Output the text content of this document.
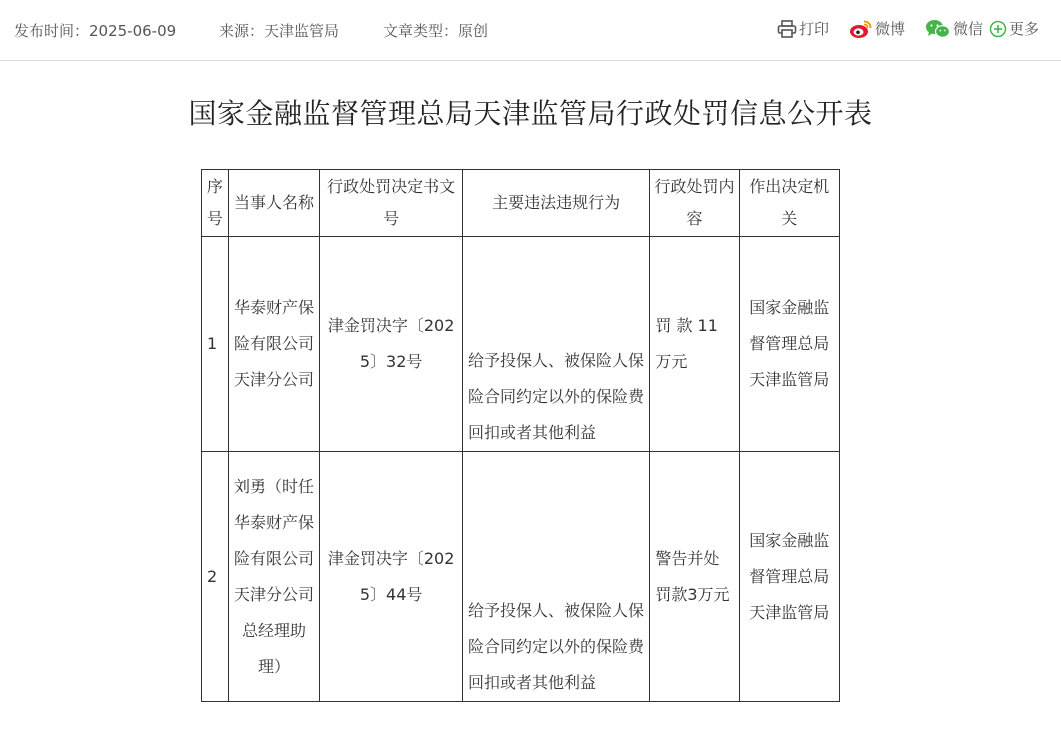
发布时间：2025-06-09	来源：天津监管局	文章类型：原创	打印	微博	微信 更多
国家金融监督管理总局天津监管局行政处罚信息公开表
序号	当事人名称	行政处罚决定书文号	主要违法违规行为	行政处罚内容	作出决定机关
1	华泰财产保险有限公司天津分公司	津金罚决字〔2025〕32号	给予投保人、被保险人保险合同约定以外的保险费回扣或者其他利益	罚 款 11 万元	国家金融监督管理总局天津监管局
2	刘勇（时任华泰财产保险有限公司天津分公司总经理助理）	津金罚决字〔2025〕44号	给予投保人、被保险人保险合同约定以外的保险费回扣或者其他利益	警告并处罚款3万元	国家金融监督管理总局天津监管局
